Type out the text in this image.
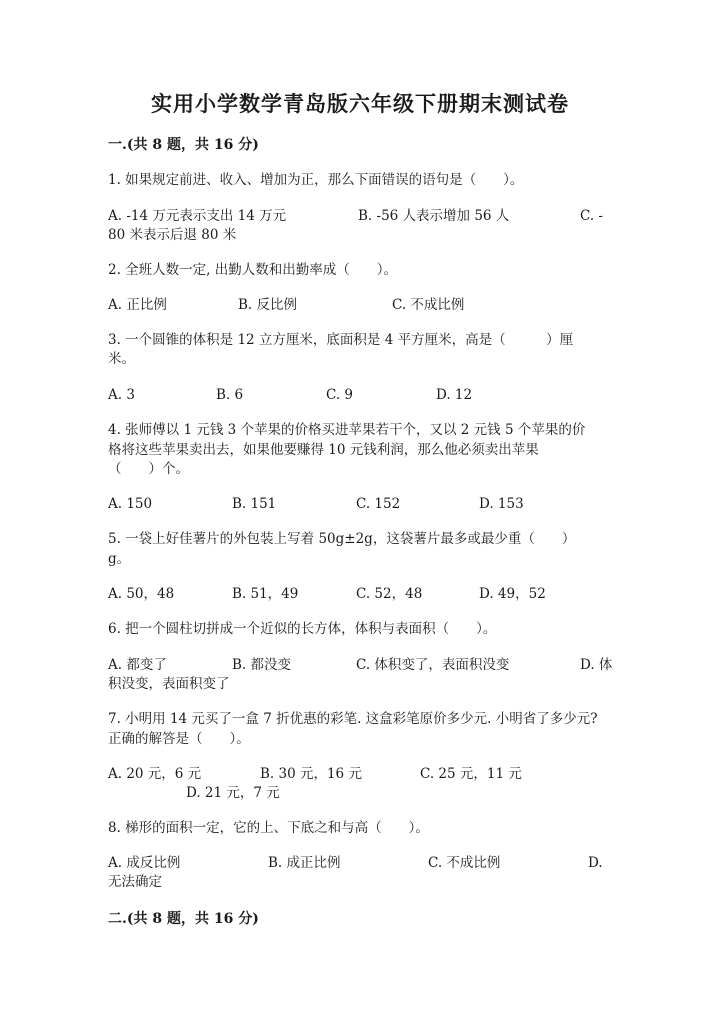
实用小学数学青岛版六年级下册期末测试卷
一.(共 8 题，共 16 分)
1. 如果规定前进、收入、增加为正，那么下面错误的语句是（　　）。
A. -14 万元表示支出 14 万元	B. -56 人表示增加 56 人	C. -
80 米表示后退 80 米
2. 全班人数一定, 出勤人数和出勤率成（　　）。
A. 正比例	B. 反比例	C. 不成比例
3. 一个圆锥的体积是 12 立方厘米，底面积是 4 平方厘米，高是（　　　）厘
米。
A. 3	B. 6	C. 9	D. 12
4. 张师傅以 1 元钱 3 个苹果的价格买进苹果若干个，又以 2 元钱 5 个苹果的价
格将这些苹果卖出去，如果他要赚得 10 元钱利润，那么他必须卖出苹果
（　　）个。
A. 150	B. 151	C. 152	D. 153
5. 一袋上好佳薯片的外包装上写着 50g±2g，这袋薯片最多或最少重（　　）
g。
A. 50，48	B. 51，49	C. 52，48	D. 49，52
6. 把一个圆柱切拼成一个近似的长方体，体积与表面积（　　）。
A. 都变了	B. 都没变	C. 体积变了，表面积没变	D. 体
积没变，表面积变了
7. 小明用 14 元买了一盒 7 折优惠的彩笔. 这盒彩笔原价多少元. 小明省了多少元?
正确的解答是（　　）。
A. 20 元，6 元	B. 30 元，16 元	C. 25 元，11 元
D. 21 元，7 元
8. 梯形的面积一定，它的上、下底之和与高（　　）。
A. 成反比例	B. 成正比例	C. 不成比例	D.
无法确定
二.(共 8 题，共 16 分)
